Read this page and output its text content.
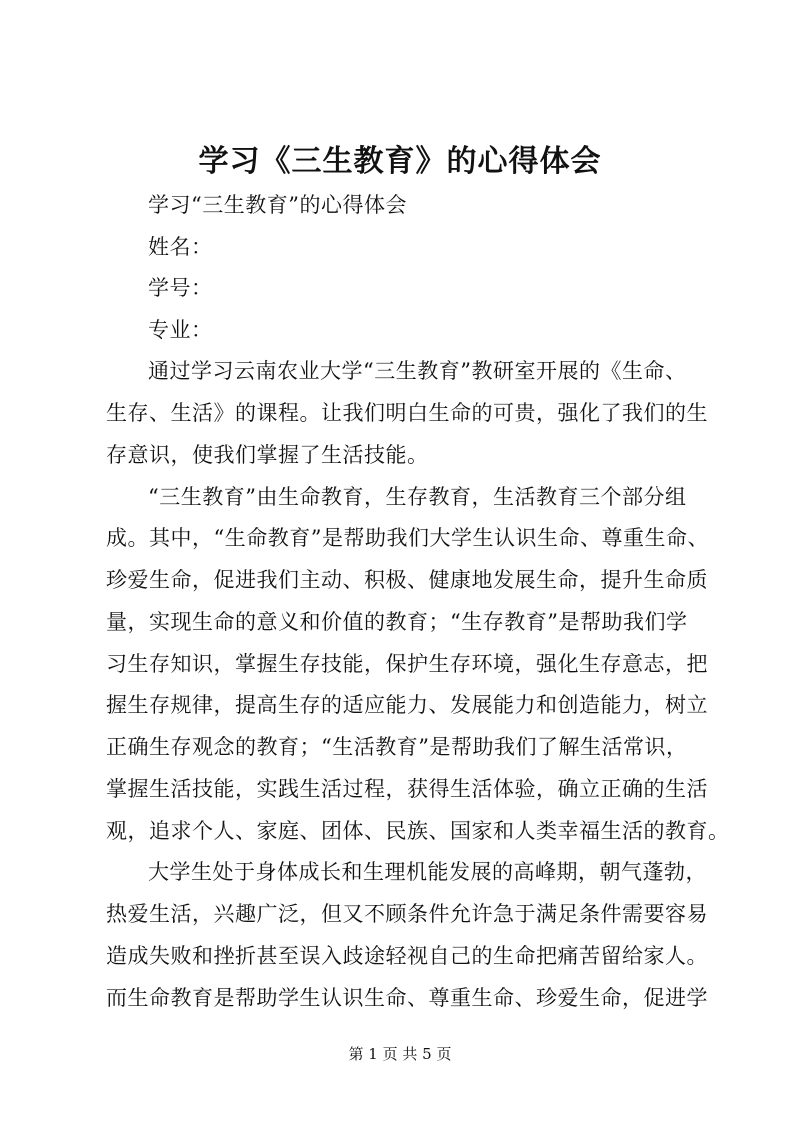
学习《三生教育》的心得体会
学习“三生教育”的心得体会
姓名：
学号：
专业：
通过学习云南农业大学“三生教育”教研室开展的《生命、
生存、生活》的课程。让我们明白生命的可贵，强化了我们的生
存意识，使我们掌握了生活技能。
“三生教育”由生命教育，生存教育，生活教育三个部分组
成。其中，“生命教育”是帮助我们大学生认识生命、尊重生命、
珍爱生命，促进我们主动、积极、健康地发展生命，提升生命质
量，实现生命的意义和价值的教育；“生存教育”是帮助我们学
习生存知识，掌握生存技能，保护生存环境，强化生存意志，把
握生存规律，提高生存的适应能力、发展能力和创造能力，树立
正确生存观念的教育；“生活教育”是帮助我们了解生活常识，
掌握生活技能，实践生活过程，获得生活体验，确立正确的生活
观，追求个人、家庭、团体、民族、国家和人类幸福生活的教育。
大学生处于身体成长和生理机能发展的高峰期，朝气蓬勃，
热爱生活，兴趣广泛，但又不顾条件允许急于满足条件需要容易
造成失败和挫折甚至误入歧途轻视自己的生命把痛苦留给家人。
而生命教育是帮助学生认识生命、尊重生命、珍爱生命，促进学
第 1 页 共 5 页
